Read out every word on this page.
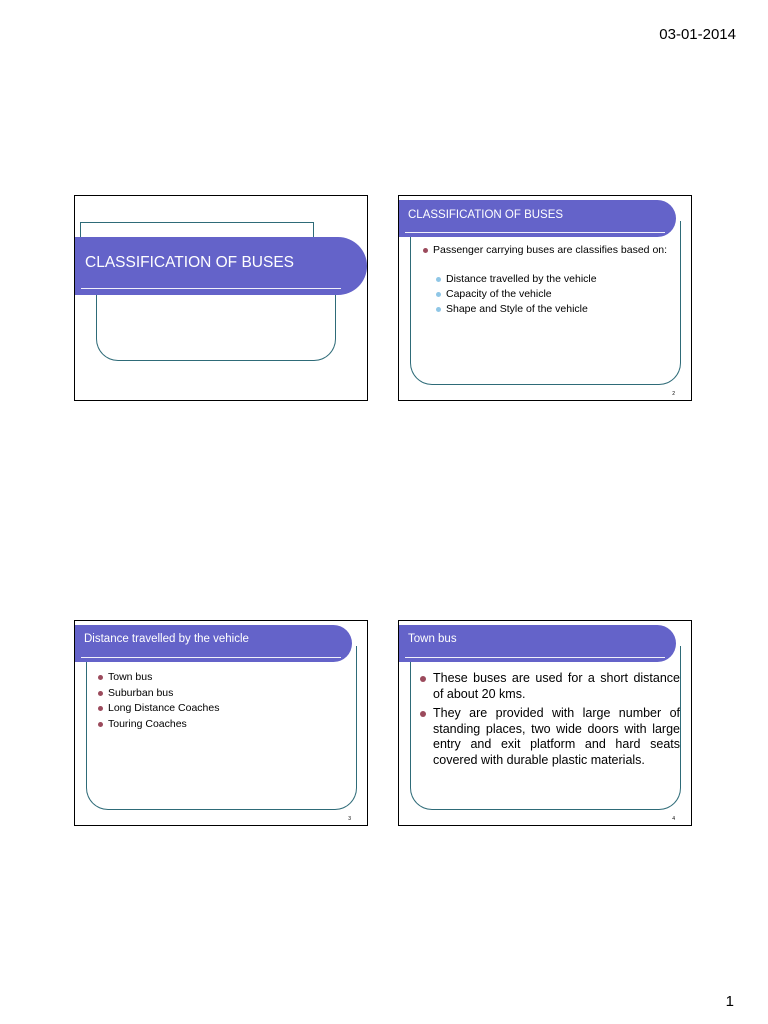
03-01-2014
CLASSIFICATION OF BUSES
CLASSIFICATION OF BUSES
Passenger carrying buses are classifies based on:
Distance travelled by the vehicle
Capacity of the vehicle
Shape and Style of the vehicle
2
Distance travelled by the vehicle
Town bus
Suburban bus
Long Distance Coaches
Touring Coaches
3
Town bus
These buses are used for a short distance of about 20 kms.
They are provided with large number of standing places, two wide doors with large entry and exit platform and hard seats covered with durable plastic materials.
4
1
